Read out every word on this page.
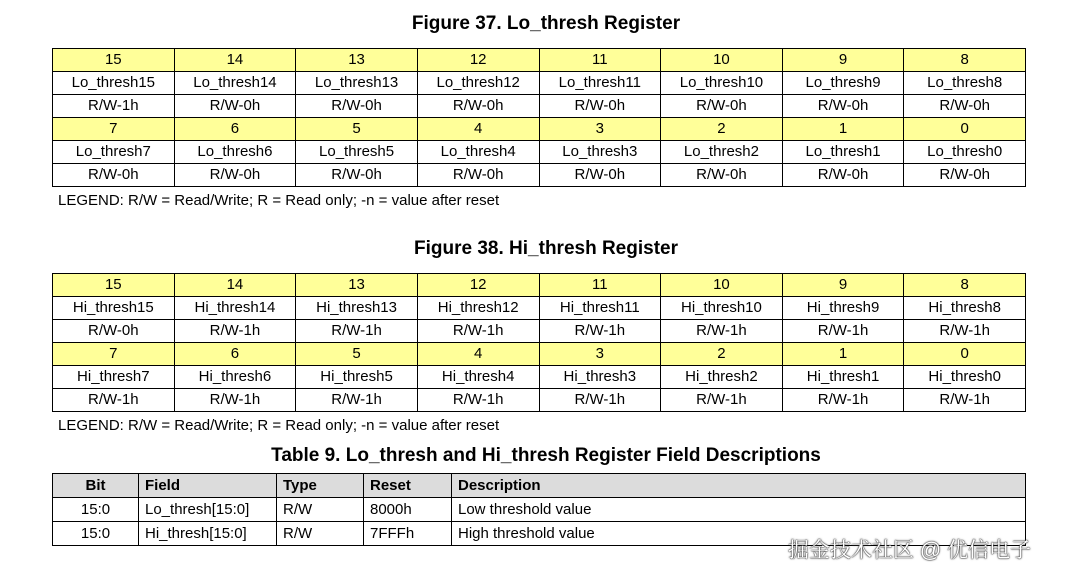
Figure 37. Lo_thresh Register
15	14	13	12	11	10	9	8
Lo_thresh15	Lo_thresh14	Lo_thresh13	Lo_thresh12	Lo_thresh11	Lo_thresh10	Lo_thresh9	Lo_thresh8
R/W-1h	R/W-0h	R/W-0h	R/W-0h	R/W-0h	R/W-0h	R/W-0h	R/W-0h
7	6	5	4	3	2	1	0
Lo_thresh7	Lo_thresh6	Lo_thresh5	Lo_thresh4	Lo_thresh3	Lo_thresh2	Lo_thresh1	Lo_thresh0
R/W-0h	R/W-0h	R/W-0h	R/W-0h	R/W-0h	R/W-0h	R/W-0h	R/W-0h
LEGEND: R/W = Read/Write; R = Read only; -n = value after reset
Figure 38. Hi_thresh Register
15	14	13	12	11	10	9	8
Hi_thresh15	Hi_thresh14	Hi_thresh13	Hi_thresh12	Hi_thresh11	Hi_thresh10	Hi_thresh9	Hi_thresh8
R/W-0h	R/W-1h	R/W-1h	R/W-1h	R/W-1h	R/W-1h	R/W-1h	R/W-1h
7	6	5	4	3	2	1	0
Hi_thresh7	Hi_thresh6	Hi_thresh5	Hi_thresh4	Hi_thresh3	Hi_thresh2	Hi_thresh1	Hi_thresh0
R/W-1h	R/W-1h	R/W-1h	R/W-1h	R/W-1h	R/W-1h	R/W-1h	R/W-1h
LEGEND: R/W = Read/Write; R = Read only; -n = value after reset
Table 9. Lo_thresh and Hi_thresh Register Field Descriptions
Bit	Field	Type	Reset	Description
15:0	Lo_thresh[15:0]	R/W	8000h	Low threshold value
15:0	Hi_thresh[15:0]	R/W	7FFFh	High threshold value
掘金技术社区 @ 优信电子
